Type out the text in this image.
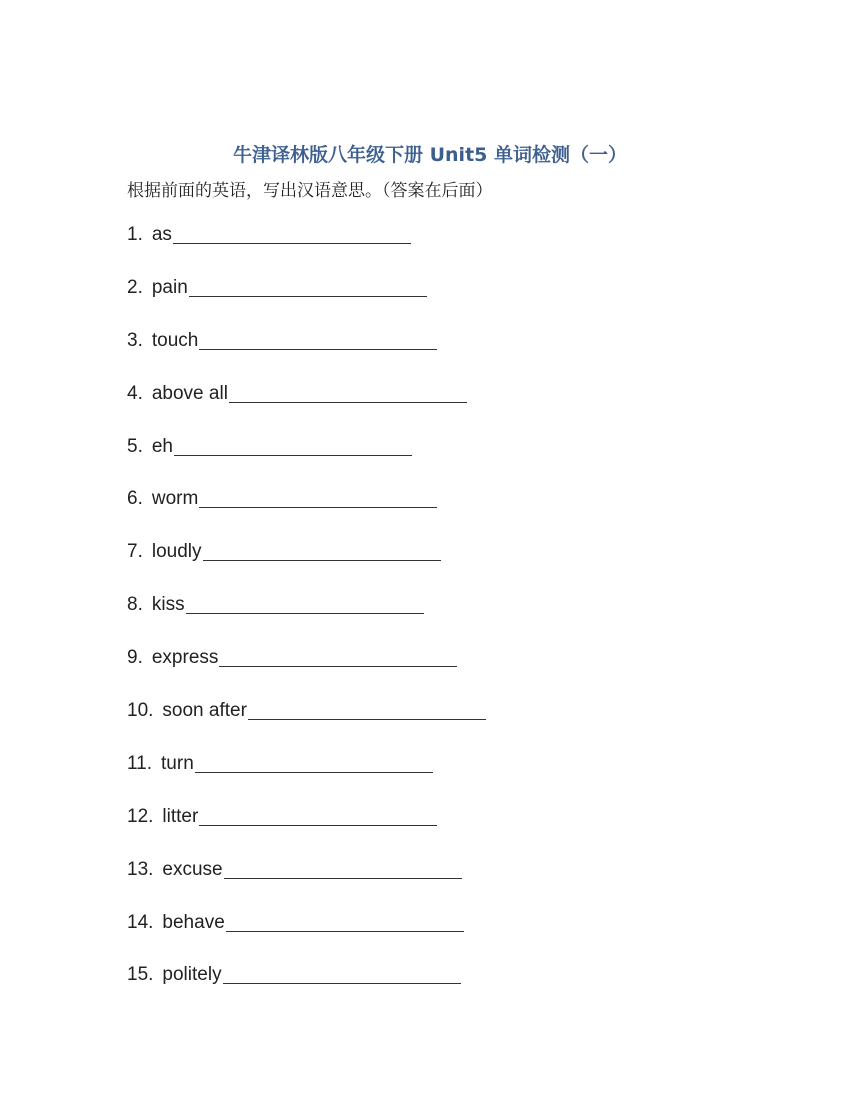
牛津译林版八年级下册 Unit5 单词检测（一）
根据前面的英语，写出汉语意思。（答案在后面）
1. as
2. pain
3. touch
4. above all
5. eh
6. worm
7. loudly
8. kiss
9. express
10. soon after
11. turn
12. litter
13. excuse
14. behave
15. politely
